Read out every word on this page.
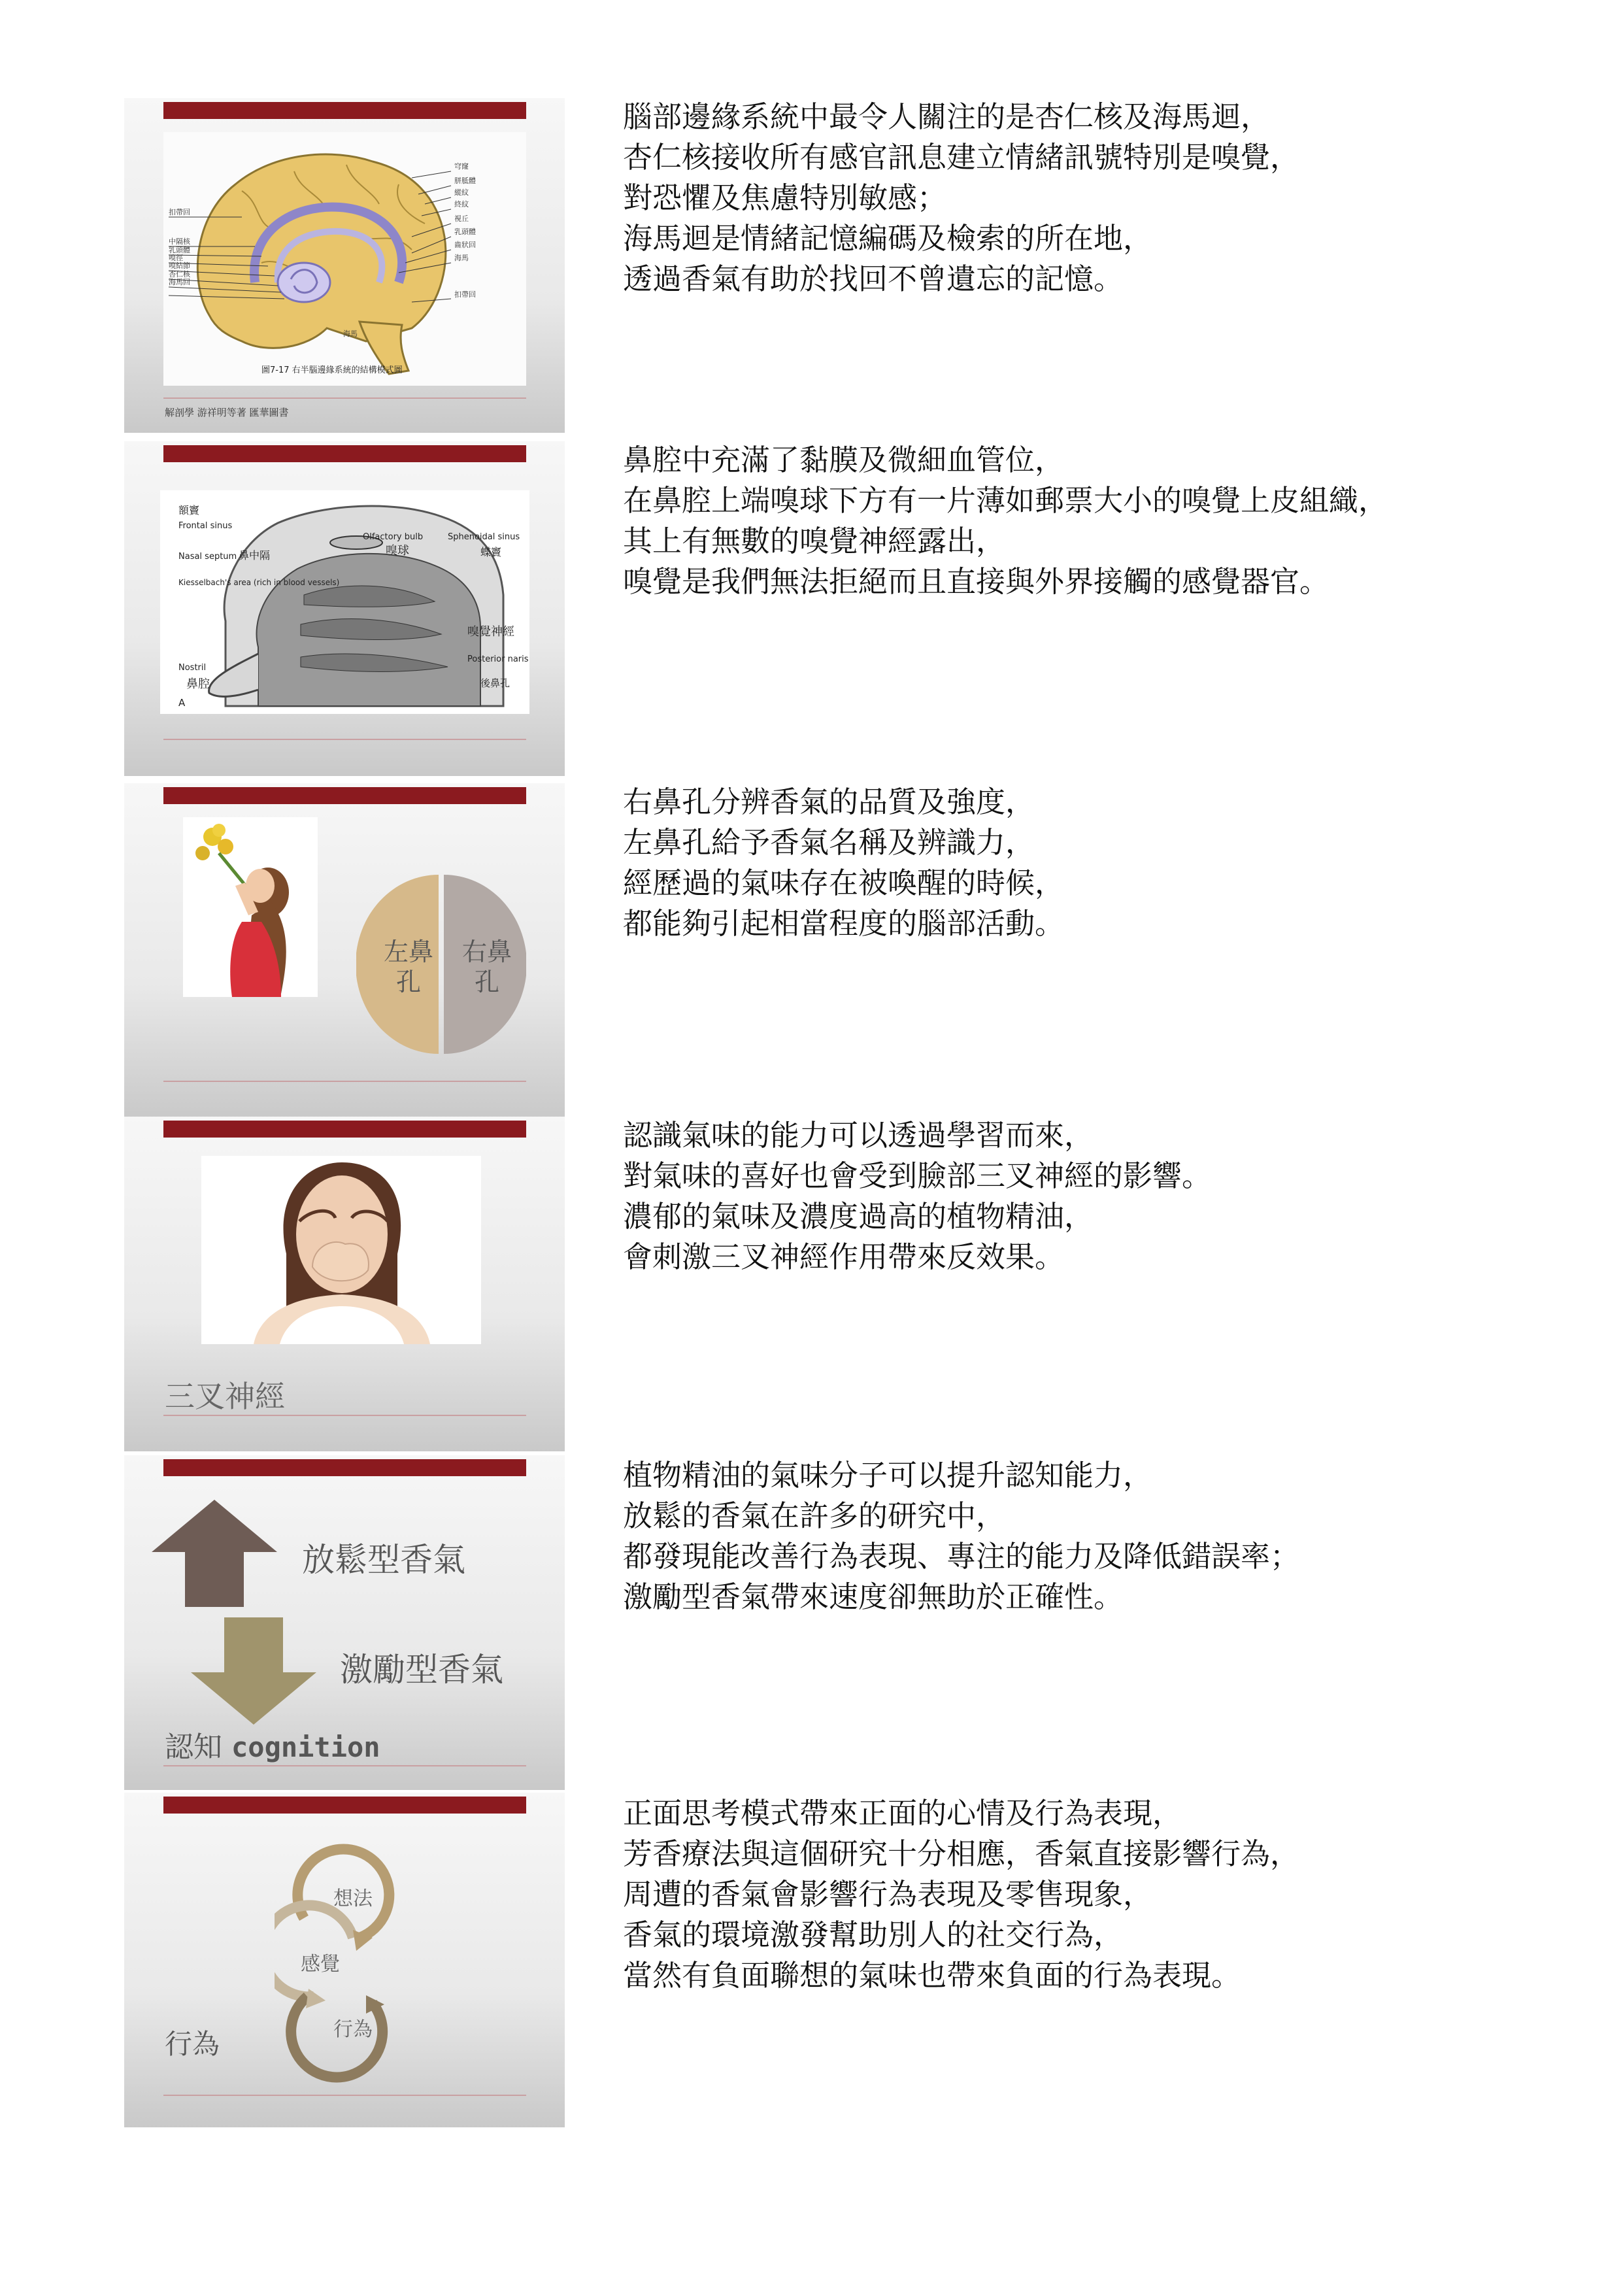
扣帶回
中隔核
乳頭體
嗅徑
嗅結節
杏仁核
海馬回
穹窿
胼胝體
縱紋
終紋
視丘
乳頭體
齒狀回
海馬
扣帶回
海馬
圖7-17 右半腦邊緣系統的結構模式圖
解剖學 游祥明等著 匯華圖書
腦部邊緣系統中最令人關注的是杏仁核及海馬迴，
杏仁核接收所有感官訊息建立情緒訊號特別是嗅覺，
對恐懼及焦慮特別敏感；
海馬迴是情緒記憶編碼及檢索的所在地，
透過香氣有助於找回不曾遺忘的記憶。
額竇
Frontal sinus
Nasal septum 鼻中隔
Kiesselbach's area (rich in blood vessels)
Nostril
鼻腔
Olfactory bulb
嗅球
Sphenoidal sinus
蝶竇
嗅覺神經
Posterior naris
後鼻孔
A
鼻腔中充滿了黏膜及微細血管位，
在鼻腔上端嗅球下方有一片薄如郵票大小的嗅覺上皮組織，
其上有無數的嗅覺神經露出，
嗅覺是我們無法拒絕而且直接與外界接觸的感覺器官。
左鼻
孔
右鼻
孔
右鼻孔分辨香氣的品質及強度，
左鼻孔給予香氣名稱及辨識力，
經歷過的氣味存在被喚醒的時候，
都能夠引起相當程度的腦部活動。
三叉神經
認識氣味的能力可以透過學習而來，
對氣味的喜好也會受到臉部三叉神經的影響。
濃郁的氣味及濃度過高的植物精油，
會刺激三叉神經作用帶來反效果。
放鬆型香氣
激勵型香氣
認知 cognition
植物精油的氣味分子可以提升認知能力，
放鬆的香氣在許多的研究中，
都發現能改善行為表現、專注的能力及降低錯誤率；
激勵型香氣帶來速度卻無助於正確性。
想法
感覺
行為
行為
正面思考模式帶來正面的心情及行為表現，
芳香療法與這個研究十分相應，香氣直接影響行為，
周遭的香氣會影響行為表現及零售現象，
香氣的環境激發幫助別人的社交行為，
當然有負面聯想的氣味也帶來負面的行為表現。
